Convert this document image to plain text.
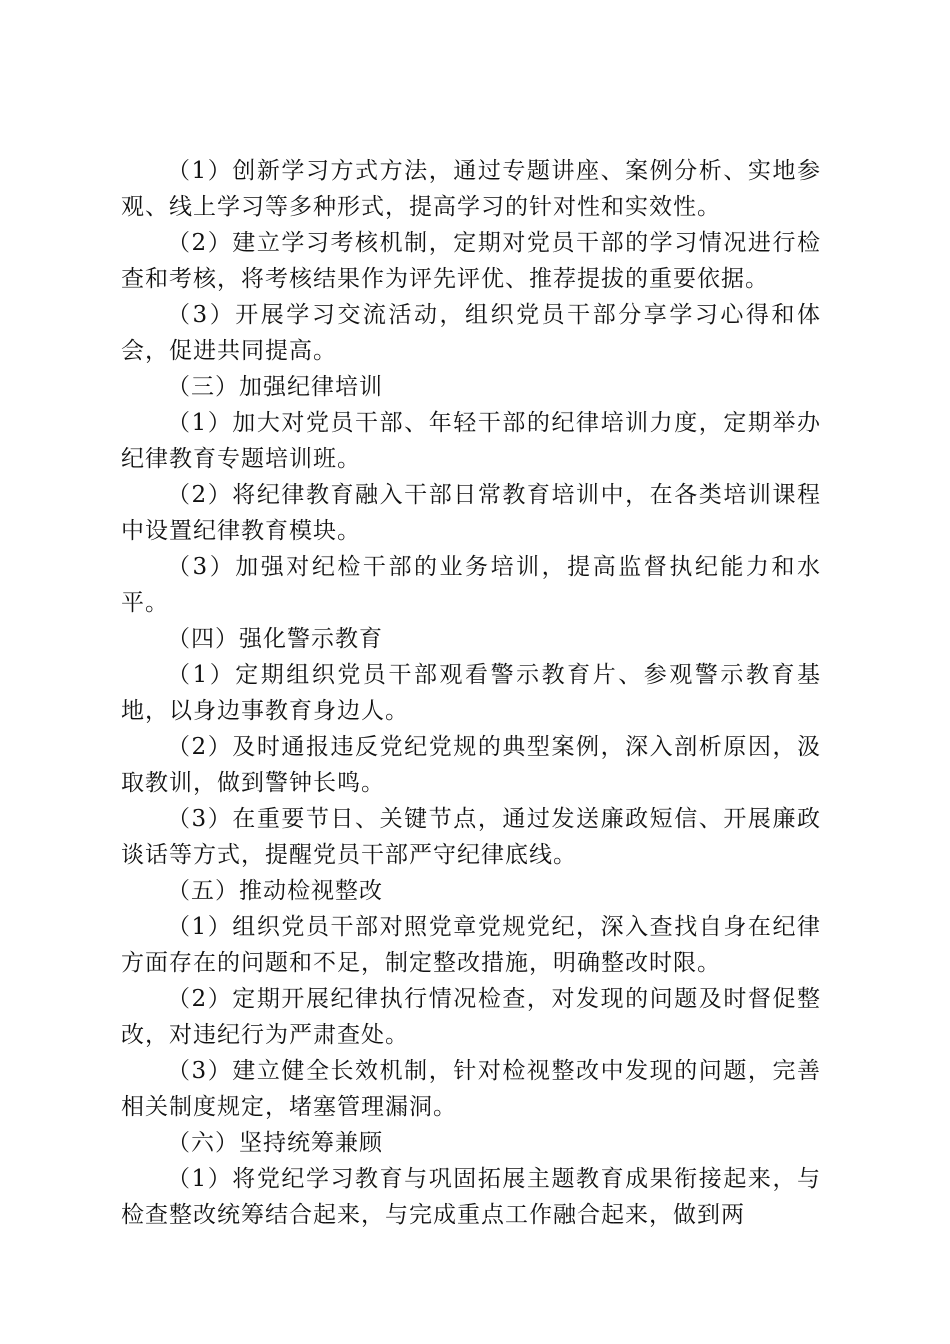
（1）创新学习方式方法，通过专题讲座、案例分析、实地参观、线上学习等多种形式，提高学习的针对性和实效性。

（2）建立学习考核机制，定期对党员干部的学习情况进行检查和考核，将考核结果作为评先评优、推荐提拔的重要依据。

（3）开展学习交流活动，组织党员干部分享学习心得和体会，促进共同提高。

（三）加强纪律培训

（1）加大对党员干部、年轻干部的纪律培训力度，定期举办纪律教育专题培训班。

（2）将纪律教育融入干部日常教育培训中，在各类培训课程中设置纪律教育模块。

（3）加强对纪检干部的业务培训，提高监督执纪能力和水平。

（四）强化警示教育

（1）定期组织党员干部观看警示教育片、参观警示教育基地，以身边事教育身边人。

（2）及时通报违反党纪党规的典型案例，深入剖析原因，汲取教训，做到警钟长鸣。

（3）在重要节日、关键节点，通过发送廉政短信、开展廉政谈话等方式，提醒党员干部严守纪律底线。

（五）推动检视整改

（1）组织党员干部对照党章党规党纪，深入查找自身在纪律方面存在的问题和不足，制定整改措施，明确整改时限。

（2）定期开展纪律执行情况检查，对发现的问题及时督促整改，对违纪行为严肃查处。

（3）建立健全长效机制，针对检视整改中发现的问题，完善相关制度规定，堵塞管理漏洞。

（六）坚持统筹兼顾

（1）将党纪学习教育与巩固拓展主题教育成果衔接起来，与检查整改统筹结合起来，与完成重点工作融合起来，做到两
